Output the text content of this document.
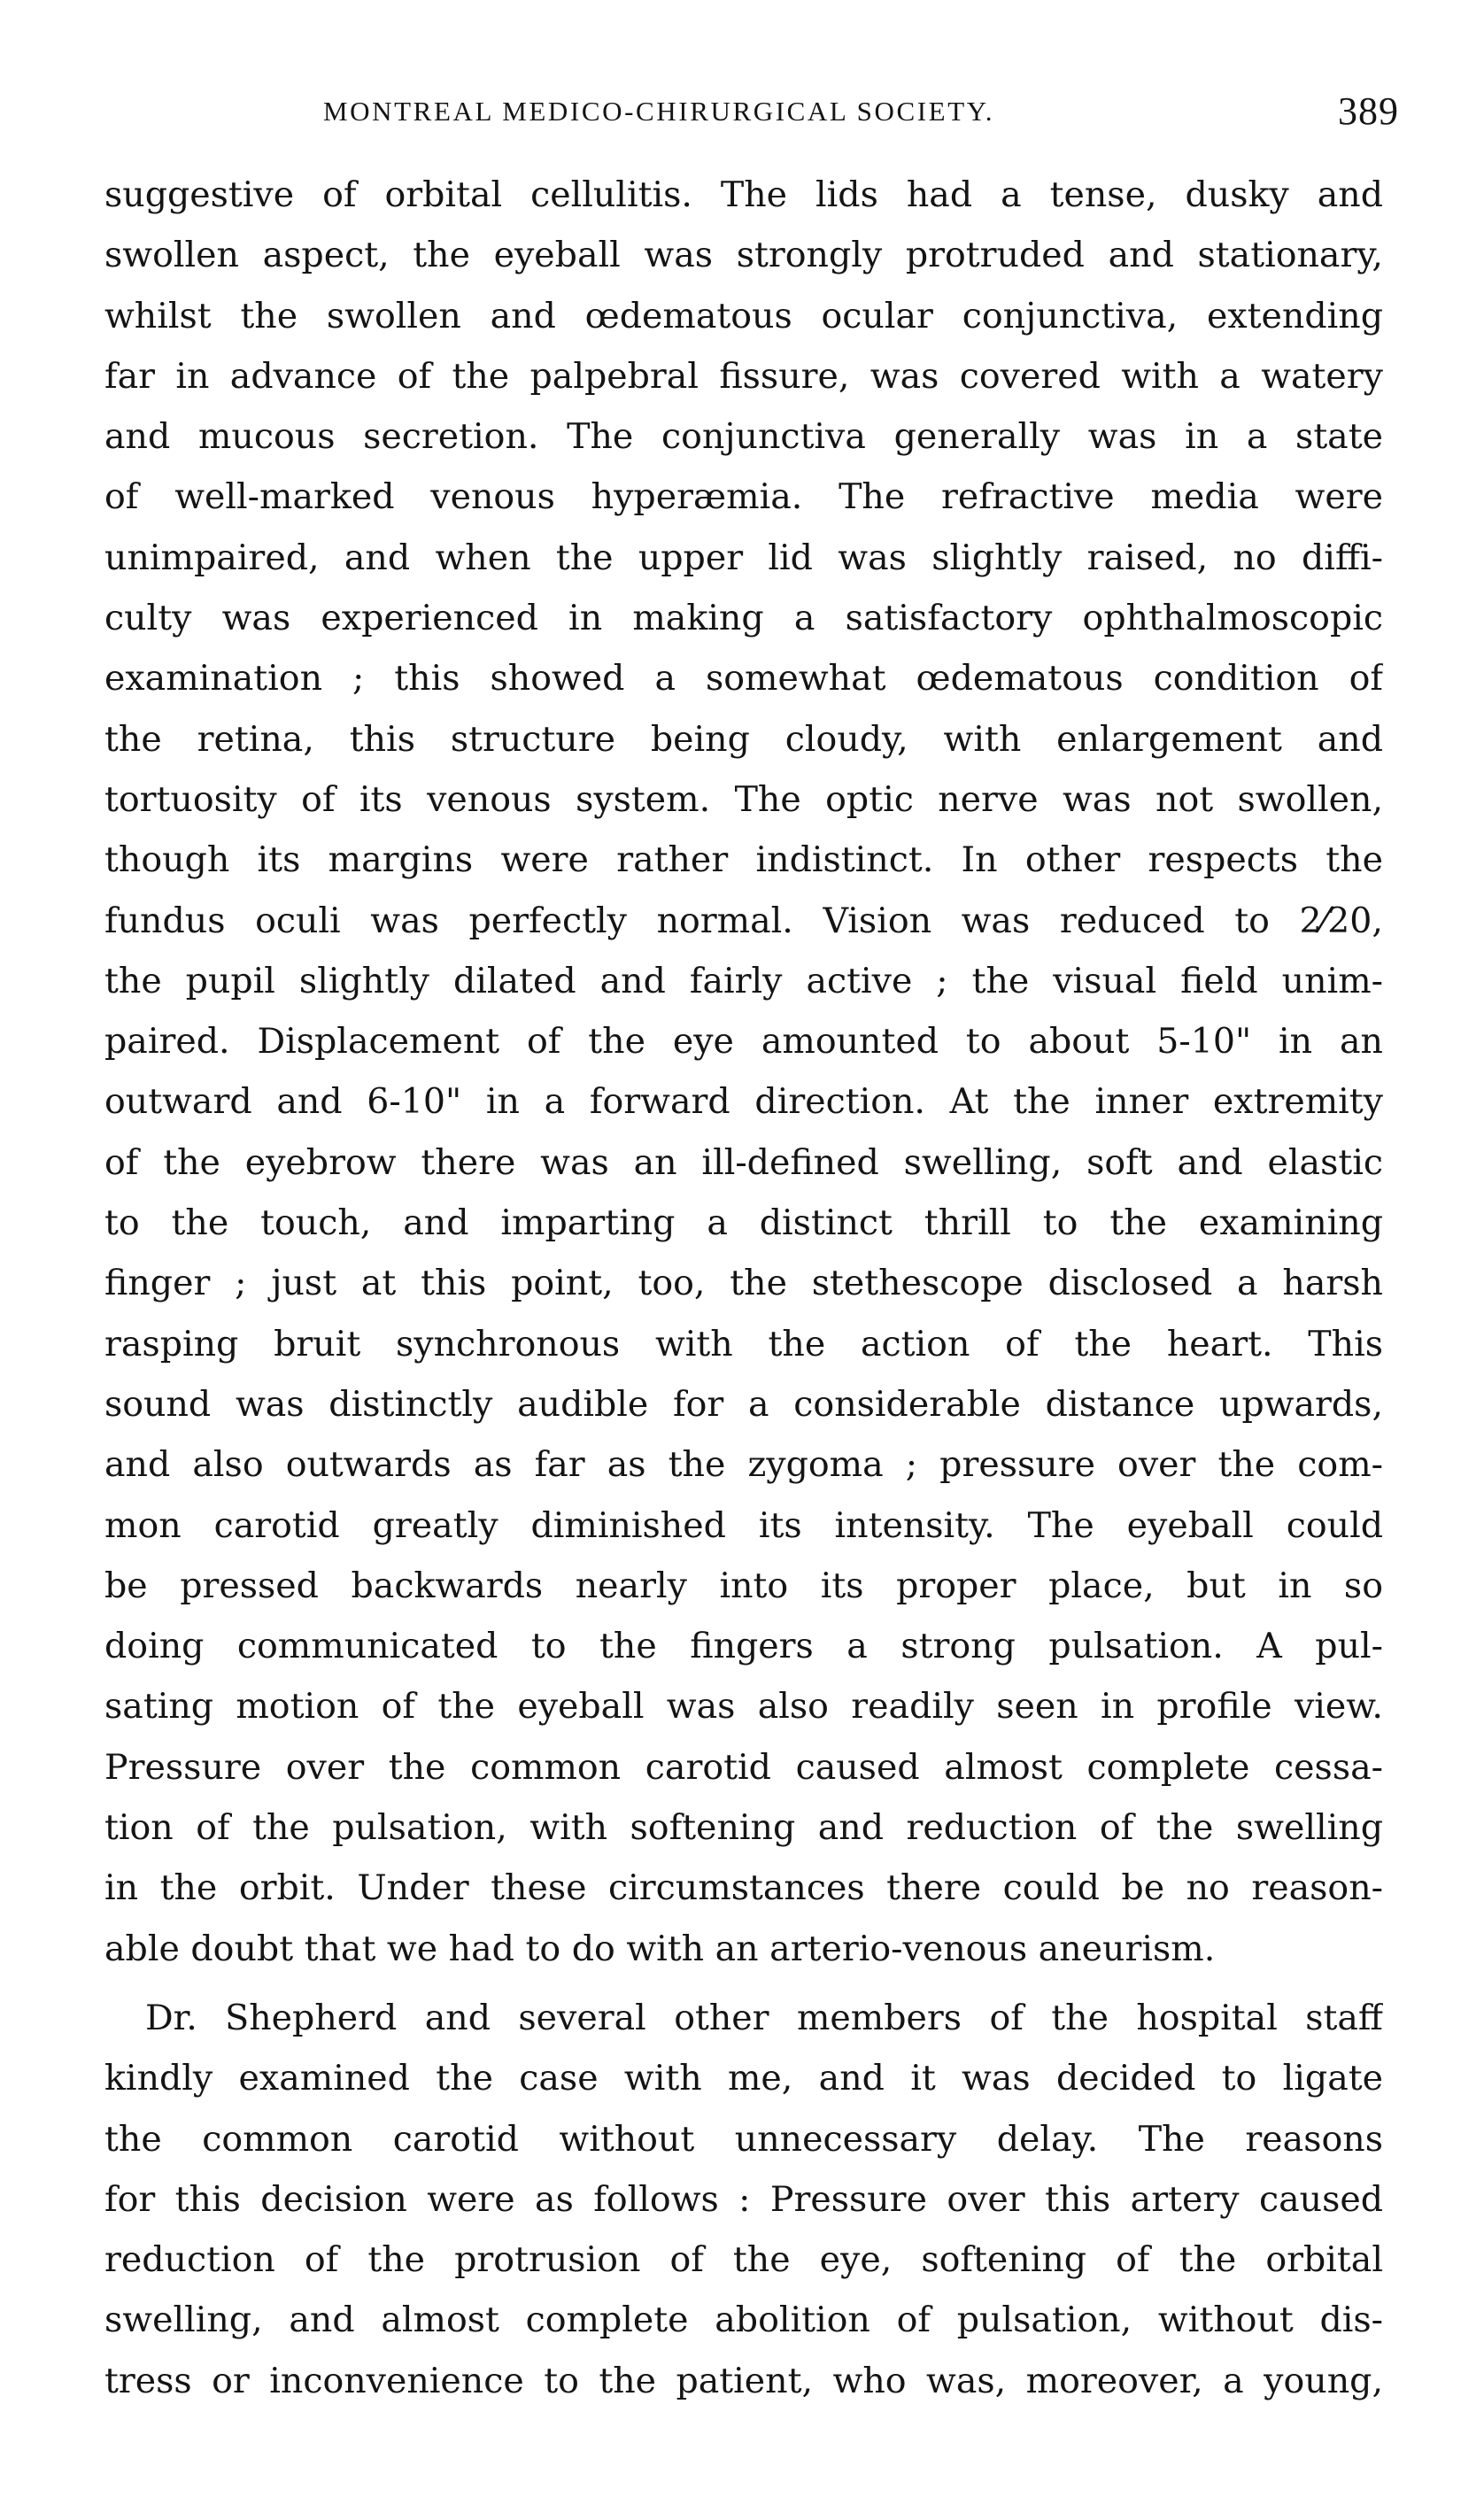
MONTREAL MEDICO-CHIRURGICAL SOCIETY.	389
suggestive of orbital cellulitis. The lids had a tense, dusky and
swollen aspect, the eyeball was strongly protruded and stationary,
whilst the swollen and œdematous ocular conjunctiva, extending
far in advance of the palpebral fissure, was covered with a watery
and mucous secretion. The conjunctiva generally was in a state
of well-marked venous hyperæmia. The refractive media were
unimpaired, and when the upper lid was slightly raised, no diffi-
culty was experienced in making a satisfactory ophthalmoscopic
examination ; this showed a somewhat œdematous condition of
the retina, this structure being cloudy, with enlargement and
tortuosity of its venous system. The optic nerve was not swollen,
though its margins were rather indistinct. In other respects the
fundus oculi was perfectly normal. Vision was reduced to 2⁄20,
the pupil slightly dilated and fairly active ; the visual field unim-
paired. Displacement of the eye amounted to about 5-10" in an
outward and 6-10" in a forward direction. At the inner extremity
of the eyebrow there was an ill-defined swelling, soft and elastic
to the touch, and imparting a distinct thrill to the examining
finger ; just at this point, too, the stethescope disclosed a harsh
rasping bruit synchronous with the action of the heart. This
sound was distinctly audible for a considerable distance upwards,
and also outwards as far as the zygoma ; pressure over the com-
mon carotid greatly diminished its intensity. The eyeball could
be pressed backwards nearly into its proper place, but in so
doing communicated to the fingers a strong pulsation. A pul-
sating motion of the eyeball was also readily seen in profile view.
Pressure over the common carotid caused almost complete cessa-
tion of the pulsation, with softening and reduction of the swelling
in the orbit. Under these circumstances there could be no reason-
able doubt that we had to do with an arterio-venous aneurism.
Dr. Shepherd and several other members of the hospital staff
kindly examined the case with me, and it was decided to ligate
the common carotid without unnecessary delay. The reasons
for this decision were as follows : Pressure over this artery caused
reduction of the protrusion of the eye, softening of the orbital
swelling, and almost complete abolition of pulsation, without dis-
tress or inconvenience to the patient, who was, moreover, a young,
